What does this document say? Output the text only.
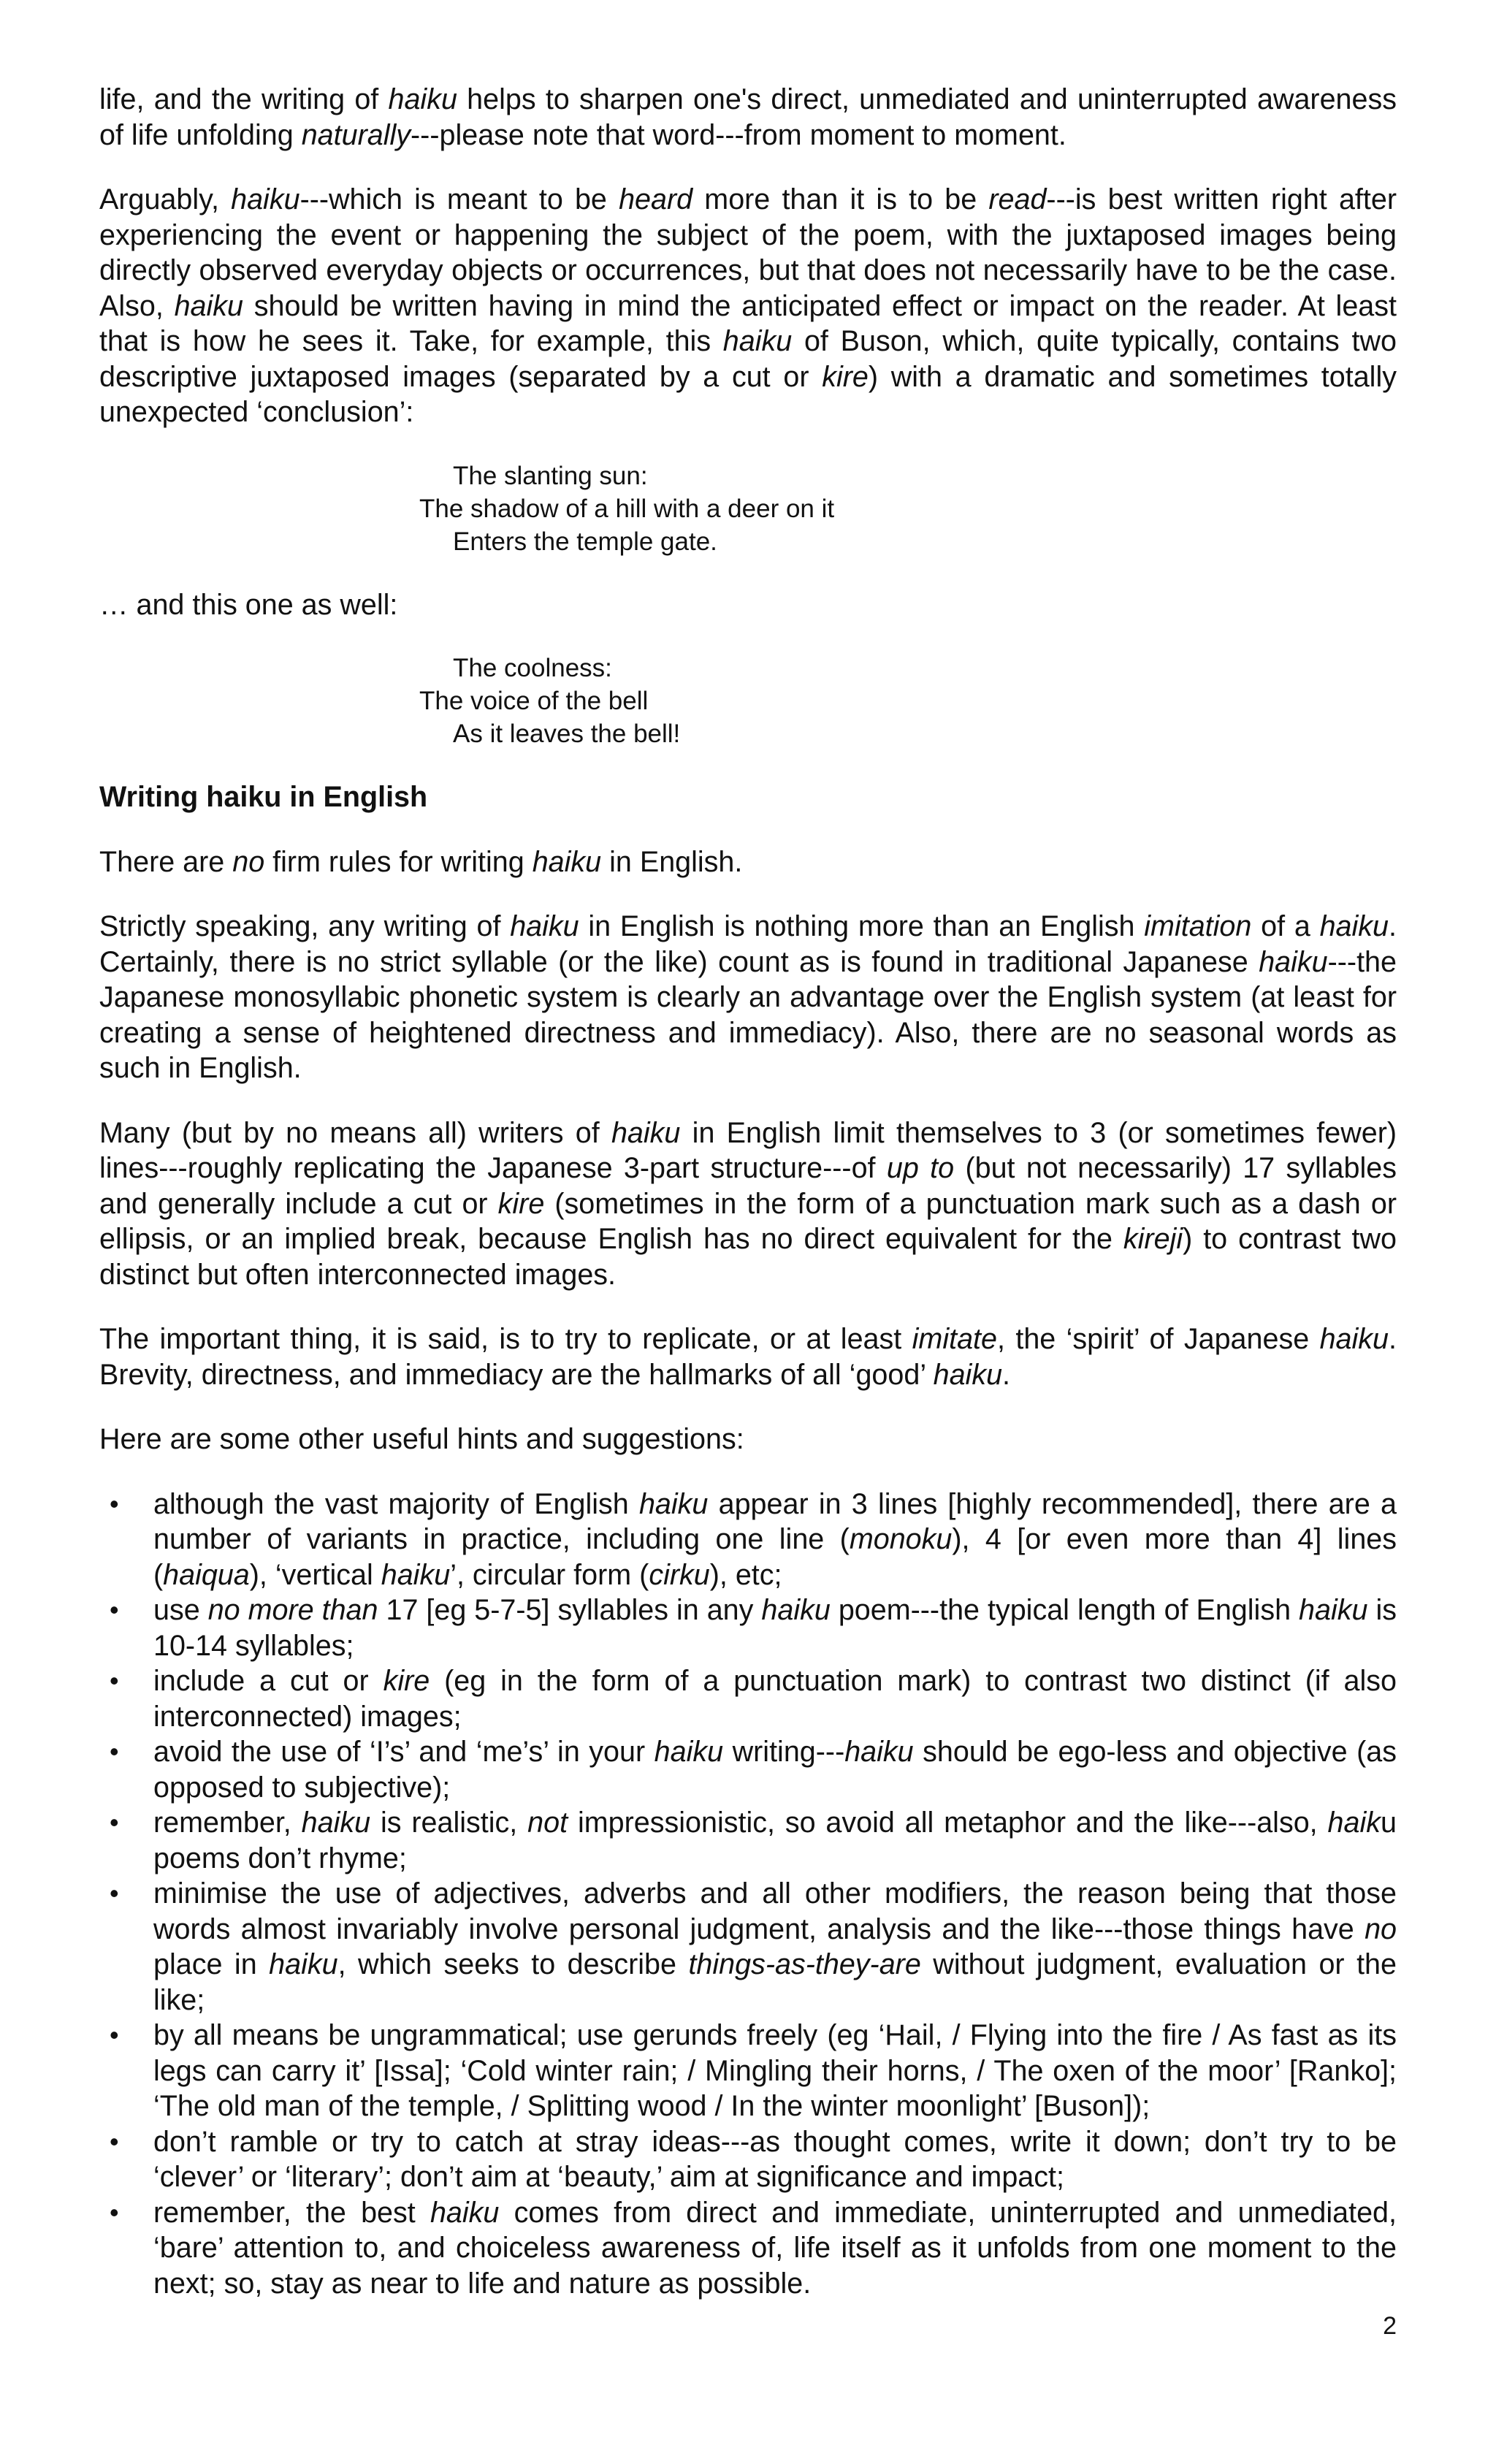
life, and the writing of haiku helps to sharpen one's direct, unmediated and uninterrupted awareness of life unfolding naturally---please note that word---from moment to moment.

Arguably, haiku---which is meant to be heard more than it is to be read---is best written right after experiencing the event or happening the subject of the poem, with the juxtaposed images being directly observed everyday objects or occurrences, but that does not necessarily have to be the case. Also, haiku should be written having in mind the anticipated effect or impact on the reader. At least that is how he sees it. Take, for example, this haiku of Buson, which, quite typically, contains two descriptive juxtaposed images (separated by a cut or kire) with a dramatic and sometimes totally unexpected ‘conclusion’:

The slanting sun:
The shadow of a hill with a deer on it
Enters the temple gate.

… and this one as well:

The coolness:
The voice of the bell
As it leaves the bell!
Writing haiku in English

There are no firm rules for writing haiku in English.

Strictly speaking, any writing of haiku in English is nothing more than an English imitation of a haiku. Certainly, there is no strict syllable (or the like) count as is found in traditional Japanese haiku---the Japanese monosyllabic phonetic system is clearly an advantage over the English system (at least for creating a sense of heightened directness and immediacy). Also, there are no seasonal words as such in English.

Many (but by no means all) writers of haiku in English limit themselves to 3 (or sometimes fewer) lines---roughly replicating the Japanese 3-part structure---of up to (but not necessarily) 17 syllables and generally include a cut or kire (sometimes in the form of a punctuation mark such as a dash or ellipsis, or an implied break, because English has no direct equivalent for the kireji) to contrast two distinct but often interconnected images.

The important thing, it is said, is to try to replicate, or at least imitate, the ‘spirit’ of Japanese haiku. Brevity, directness, and immediacy are the hallmarks of all ‘good’ haiku.

Here are some other useful hints and suggestions:

• although the vast majority of English haiku appear in 3 lines [highly recommended], there are a number of variants in practice, including one line (monoku), 4 [or even more than 4] lines (haiqua), ‘vertical haiku’, circular form (cirku), etc;
• use no more than 17 [eg 5-7-5] syllables in any haiku poem---the typical length of English haiku is 10-14 syllables;
• include a cut or kire (eg in the form of a punctuation mark) to contrast two distinct (if also interconnected) images;
• avoid the use of ‘I’s’ and ‘me’s’ in your haiku writing---haiku should be ego-less and objective (as opposed to subjective);
• remember, haiku is realistic, not impressionistic, so avoid all metaphor and the like---also, haiku poems don’t rhyme;
• minimise the use of adjectives, adverbs and all other modifiers, the reason being that those words almost invariably involve personal judgment, analysis and the like---those things have no place in haiku, which seeks to describe things-as-they-are without judgment, evaluation or the like;
• by all means be ungrammatical; use gerunds freely (eg ‘Hail, / Flying into the fire / As fast as its legs can carry it’ [Issa]; ‘Cold winter rain; / Mingling their horns, / The oxen of the moor’ [Ranko]; ‘The old man of the temple, / Splitting wood / In the winter moonlight’ [Buson]);
• don’t ramble or try to catch at stray ideas---as thought comes, write it down; don’t try to be ‘clever’ or ‘literary’; don’t aim at ‘beauty,’ aim at significance and impact;
• remember, the best haiku comes from direct and immediate, uninterrupted and unmediated, ‘bare’ attention to, and choiceless awareness of, life itself as it unfolds from one moment to the next; so, stay as near to life and nature as possible.
2
